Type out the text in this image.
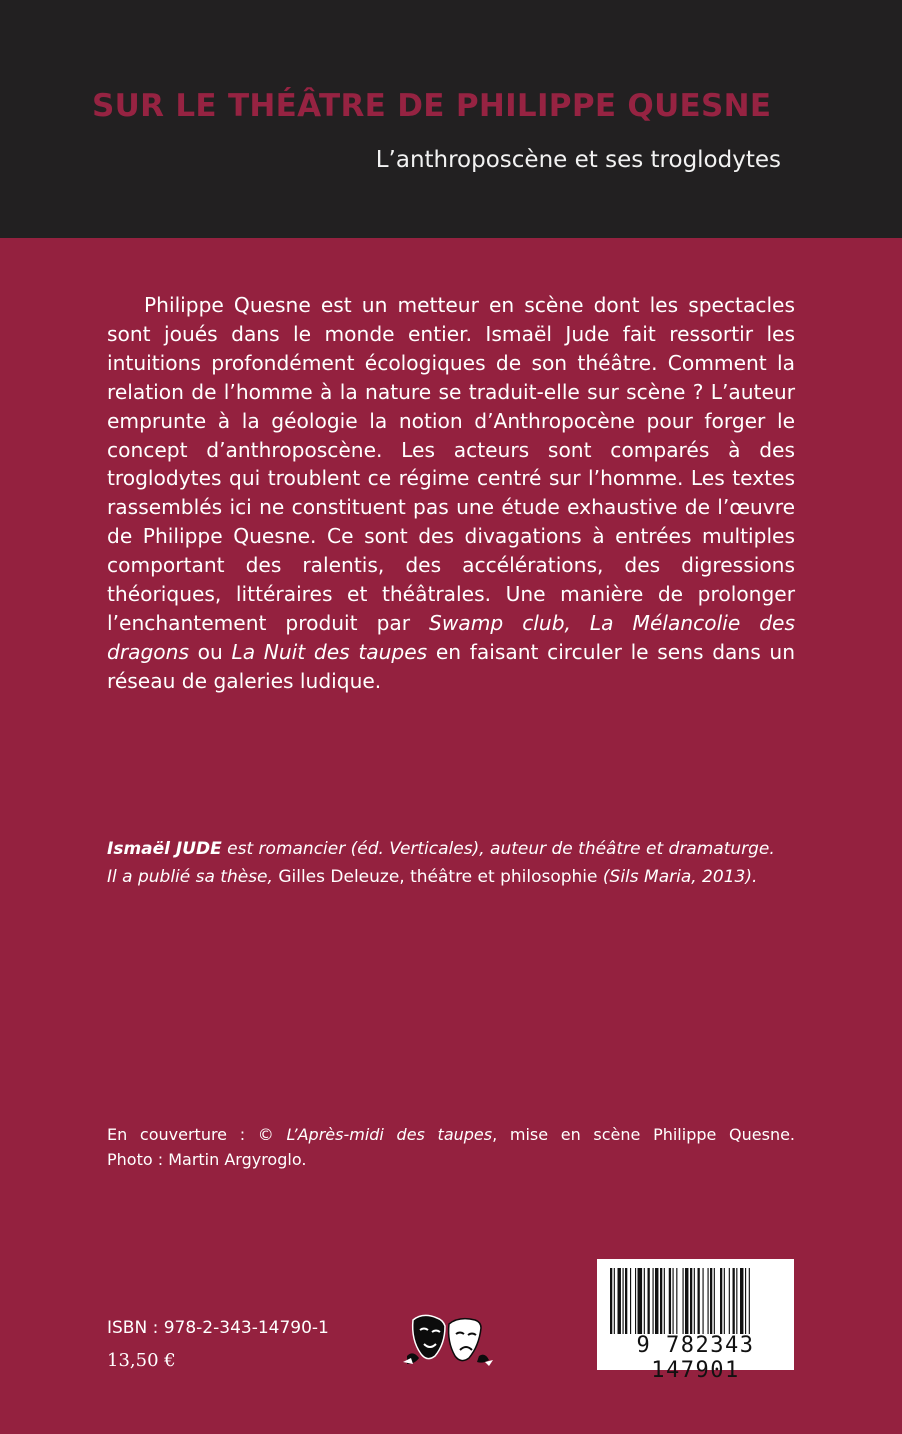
SUR LE THÉÂTRE DE PHILIPPE QUESNE
L’anthroposcène et ses troglodytes

Philippe Quesne est un metteur en scène dont les spectacles sont joués dans le monde entier. Ismaël Jude fait ressortir les intuitions profondément écologiques de son théâtre. Comment la relation de l’homme à la nature se traduit-elle sur scène ? L’auteur emprunte à la géologie la notion d’Anthropocène pour forger le concept d’anthroposcène. Les acteurs sont comparés à des troglodytes qui troublent ce régime centré sur l’homme. Les textes rassemblés ici ne constituent pas une étude exhaustive de l’œuvre de Philippe Quesne. Ce sont des divagations à entrées multiples comportant des ralentis, des accélérations, des digressions théoriques, littéraires et théâtrales. Une manière de prolonger l’enchantement produit par Swamp club, La Mélancolie des dragons ou La Nuit des taupes en faisant circuler le sens dans un réseau de galeries ludique.

Ismaël JUDE est romancier (éd. Verticales), auteur de théâtre et dramaturge.
Il a publié sa thèse, Gilles Deleuze, théâtre et philosophie (Sils Maria, 2013).

En couverture : © L’Après-midi des taupes, mise en scène Philippe Quesne.
Photo : Martin Argyroglo.

ISBN : 978-2-343-14790-1
13,50 €
9 782343 147901
